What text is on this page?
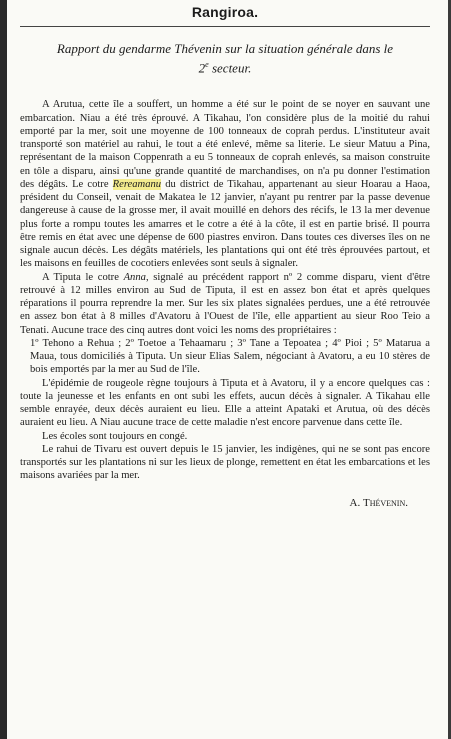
Rangiroa.
Rapport du gendarme Thévenin sur la situation générale dans le
2e secteur.

A Arutua, cette île a souffert, un homme a été sur le point de se noyer en sauvant une embarcation. Niau a été très éprouvé. A Tikahau, l'on considère plus de la moitié du rahui emporté par la mer, soit une moyenne de 100 tonneaux de coprah perdus. L'instituteur avait transporté son matériel au rahui, le tout a été enlevé, même sa literie. Le sieur Matuu a Pina, représentant de la maison Coppenrath a eu 5 tonneaux de coprah enlevés, sa maison construite en tôle a disparu, ainsi qu'une grande quantité de marchandises, on n'a pu donner l'estimation des dégâts. Le cotre Rereamanu du district de Tikahau, appartenant au sieur Hoarau a Haoa, président du Conseil, venait de Makatea le 12 janvier, n'ayant pu rentrer par la passe devenue dangereuse à cause de la grosse mer, il avait mouillé en dehors des récifs, le 13 la mer devenue plus forte a rompu toutes les amarres et le cotre a été à la côte, il est en partie brisé. Il pourra être remis en état avec une dépense de 600 piastres environ. Dans toutes ces diverses îles on ne signale aucun décès. Les dégâts matériels, les plantations qui ont été très éprouvées partout, et les maisons en feuilles de cocotiers enlevées sont seuls à signaler.

A Tiputa le cotre Anna, signalé au précédent rapport nº 2 comme disparu, vient d'être retrouvé à 12 milles environ au Sud de Tiputa, il est en assez bon état et après quelques réparations il pourra reprendre la mer. Sur les six plates signalées perdues, une a été retrouvée en assez bon état à 8 milles d'Avatoru à l'Ouest de l'île, elle appartient au sieur Roo Teio a Tenati. Aucune trace des cinq autres dont voici les noms des propriétaires :

1º Tehono a Rehua ; 2º Toetoe a Tehaamaru ; 3º Tane a Tepoatea ; 4º Pioi ; 5º Matarua a Maua, tous domiciliés à Tiputa. Un sieur Elias Salem, négociant à Avatoru, a eu 10 stères de bois emportés par la mer au Sud de l'île.

L'épidémie de rougeole règne toujours à Tiputa et à Avatoru, il y a encore quelques cas : toute la jeunesse et les enfants en ont subi les effets, aucun décès à signaler. A Tikahau elle semble enrayée, deux décès auraient eu lieu. Elle a atteint Apataki et Arutua, où des décès auraient eu lieu. A Niau aucune trace de cette maladie n'est encore parvenue dans cette île.

Les écoles sont toujours en congé.

Le rahui de Tivaru est ouvert depuis le 15 janvier, les indigènes, qui ne se sont pas encore transportés sur les plantations ni sur les lieux de plonge, remettent en état les embarcations et les maisons avariées par la mer.

A. Thévenin.
